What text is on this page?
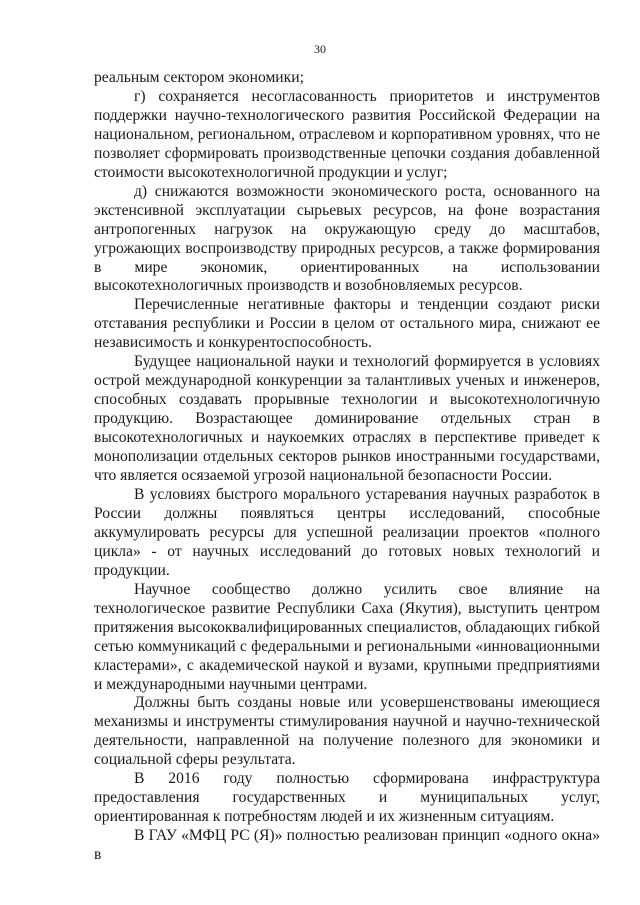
30

реальным сектором экономики;

г) сохраняется несогласованность приоритетов и инструментов поддержки научно-технологического развития Российской Федерации на национальном, региональном, отраслевом и корпоративном уровнях, что не позволяет сформировать производственные цепочки создания добавленной стоимости высокотехнологичной продукции и услуг;

д) снижаются возможности экономического роста, основанного на экстенсивной эксплуатации сырьевых ресурсов, на фоне возрастания антропогенных нагрузок на окружающую среду до масштабов, угрожающих воспроизводству природных ресурсов, а также формирования в мире экономик, ориентированных на использовании высокотехнологичных производств и возобновляемых ресурсов.

Перечисленные негативные факторы и тенденции создают риски отставания республики и России в целом от остального мира, снижают ее независимость и конкурентоспособность.

Будущее национальной науки и технологий формируется в условиях острой международной конкуренции за талантливых ученых и инженеров, способных создавать прорывные технологии и высокотехнологичную продукцию. Возрастающее доминирование отдельных стран в высокотехнологичных и наукоемких отраслях в перспективе приведет к монополизации отдельных секторов рынков иностранными государствами, что является осязаемой угрозой национальной безопасности России.

В условиях быстрого морального устаревания научных разработок в России должны появляться центры исследований, способные аккумулировать ресурсы для успешной реализации проектов «полного цикла» - от научных исследований до готовых новых технологий и продукции.

Научное сообщество должно усилить свое влияние на технологическое развитие Республики Саха (Якутия), выступить центром притяжения высококвалифицированных специалистов, обладающих гибкой сетью коммуникаций с федеральными и региональными «инновационными кластерами», с академической наукой и вузами, крупными предприятиями и международными научными центрами.

Должны быть созданы новые или усовершенствованы имеющиеся механизмы и инструменты стимулирования научной и научно-технической деятельности, направленной на получение полезного для экономики и социальной сферы результата.

В 2016 году полностью сформирована инфраструктура предоставления государственных и муниципальных услуг, ориентированная к потребностям людей и их жизненным ситуациям.

В ГАУ «МФЦ РС (Я)» полностью реализован принцип «одного окна» в
